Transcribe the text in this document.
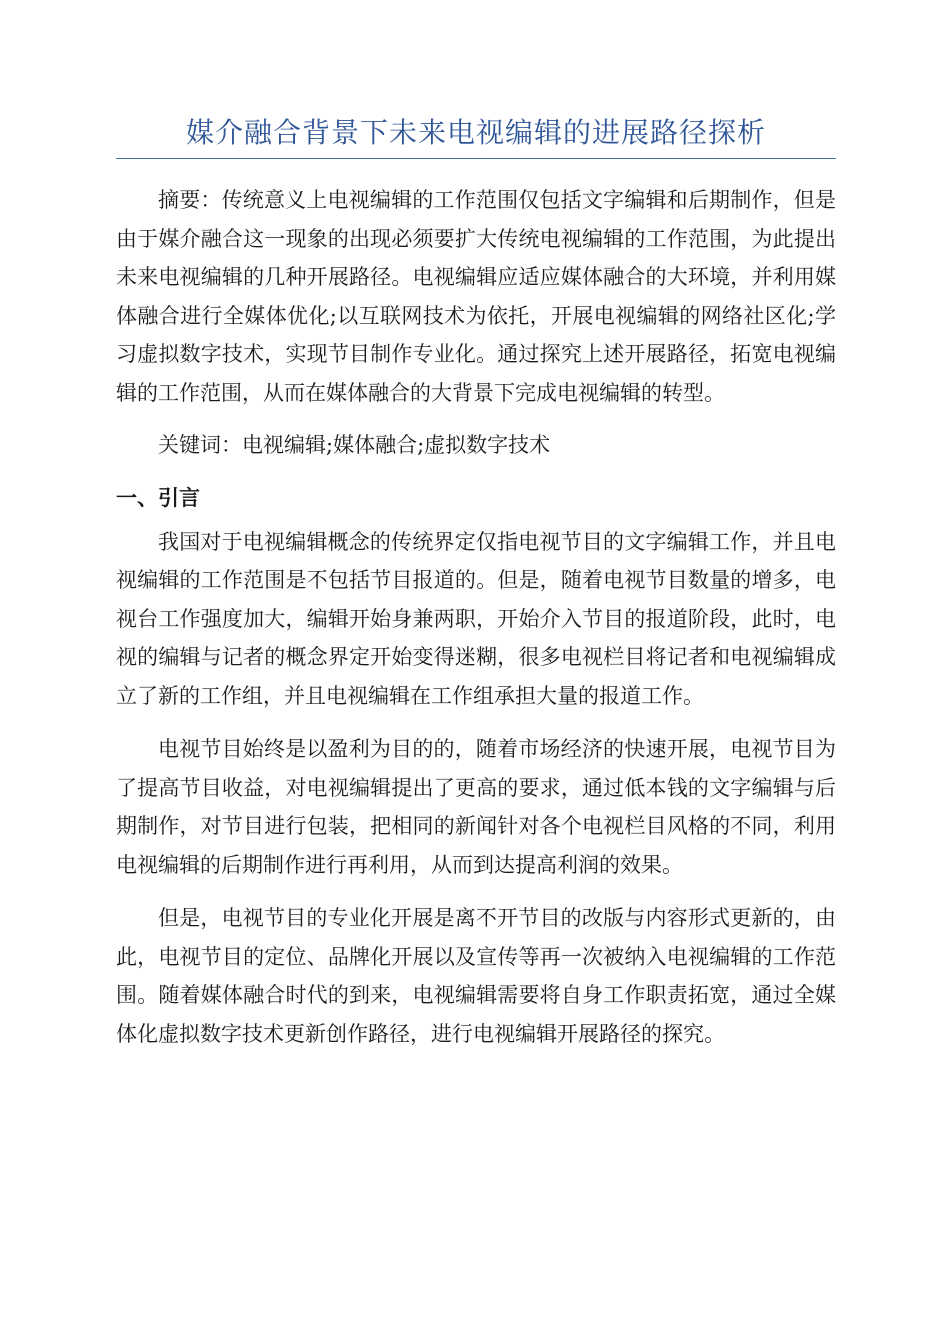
媒介融合背景下未来电视编辑的进展路径探析

摘要：传统意义上电视编辑的工作范围仅包括文字编辑和后期制作，但是由于媒介融合这一现象的出现必须要扩大传统电视编辑的工作范围，为此提出未来电视编辑的几种开展路径。电视编辑应适应媒体融合的大环境，并利用媒体融合进行全媒体优化;以互联网技术为依托，开展电视编辑的网络社区化;学习虚拟数字技术，实现节目制作专业化。通过探究上述开展路径，拓宽电视编辑的工作范围，从而在媒体融合的大背景下完成电视编辑的转型。

关键词：电视编辑;媒体融合;虚拟数字技术

一、引言

我国对于电视编辑概念的传统界定仅指电视节目的文字编辑工作，并且电视编辑的工作范围是不包括节目报道的。但是，随着电视节目数量的增多，电视台工作强度加大，编辑开始身兼两职，开始介入节目的报道阶段，此时，电视的编辑与记者的概念界定开始变得迷糊，很多电视栏目将记者和电视编辑成立了新的工作组，并且电视编辑在工作组承担大量的报道工作。

电视节目始终是以盈利为目的的，随着市场经济的快速开展，电视节目为了提高节目收益，对电视编辑提出了更高的要求，通过低本钱的文字编辑与后期制作，对节目进行包装，把相同的新闻针对各个电视栏目风格的不同，利用电视编辑的后期制作进行再利用，从而到达提高利润的效果。

但是，电视节目的专业化开展是离不开节目的改版与内容形式更新的，由此，电视节目的定位、品牌化开展以及宣传等再一次被纳入电视编辑的工作范围。随着媒体融合时代的到来，电视编辑需要将自身工作职责拓宽，通过全媒体化虚拟数字技术更新创作路径，进行电视编辑开展路径的探究。
